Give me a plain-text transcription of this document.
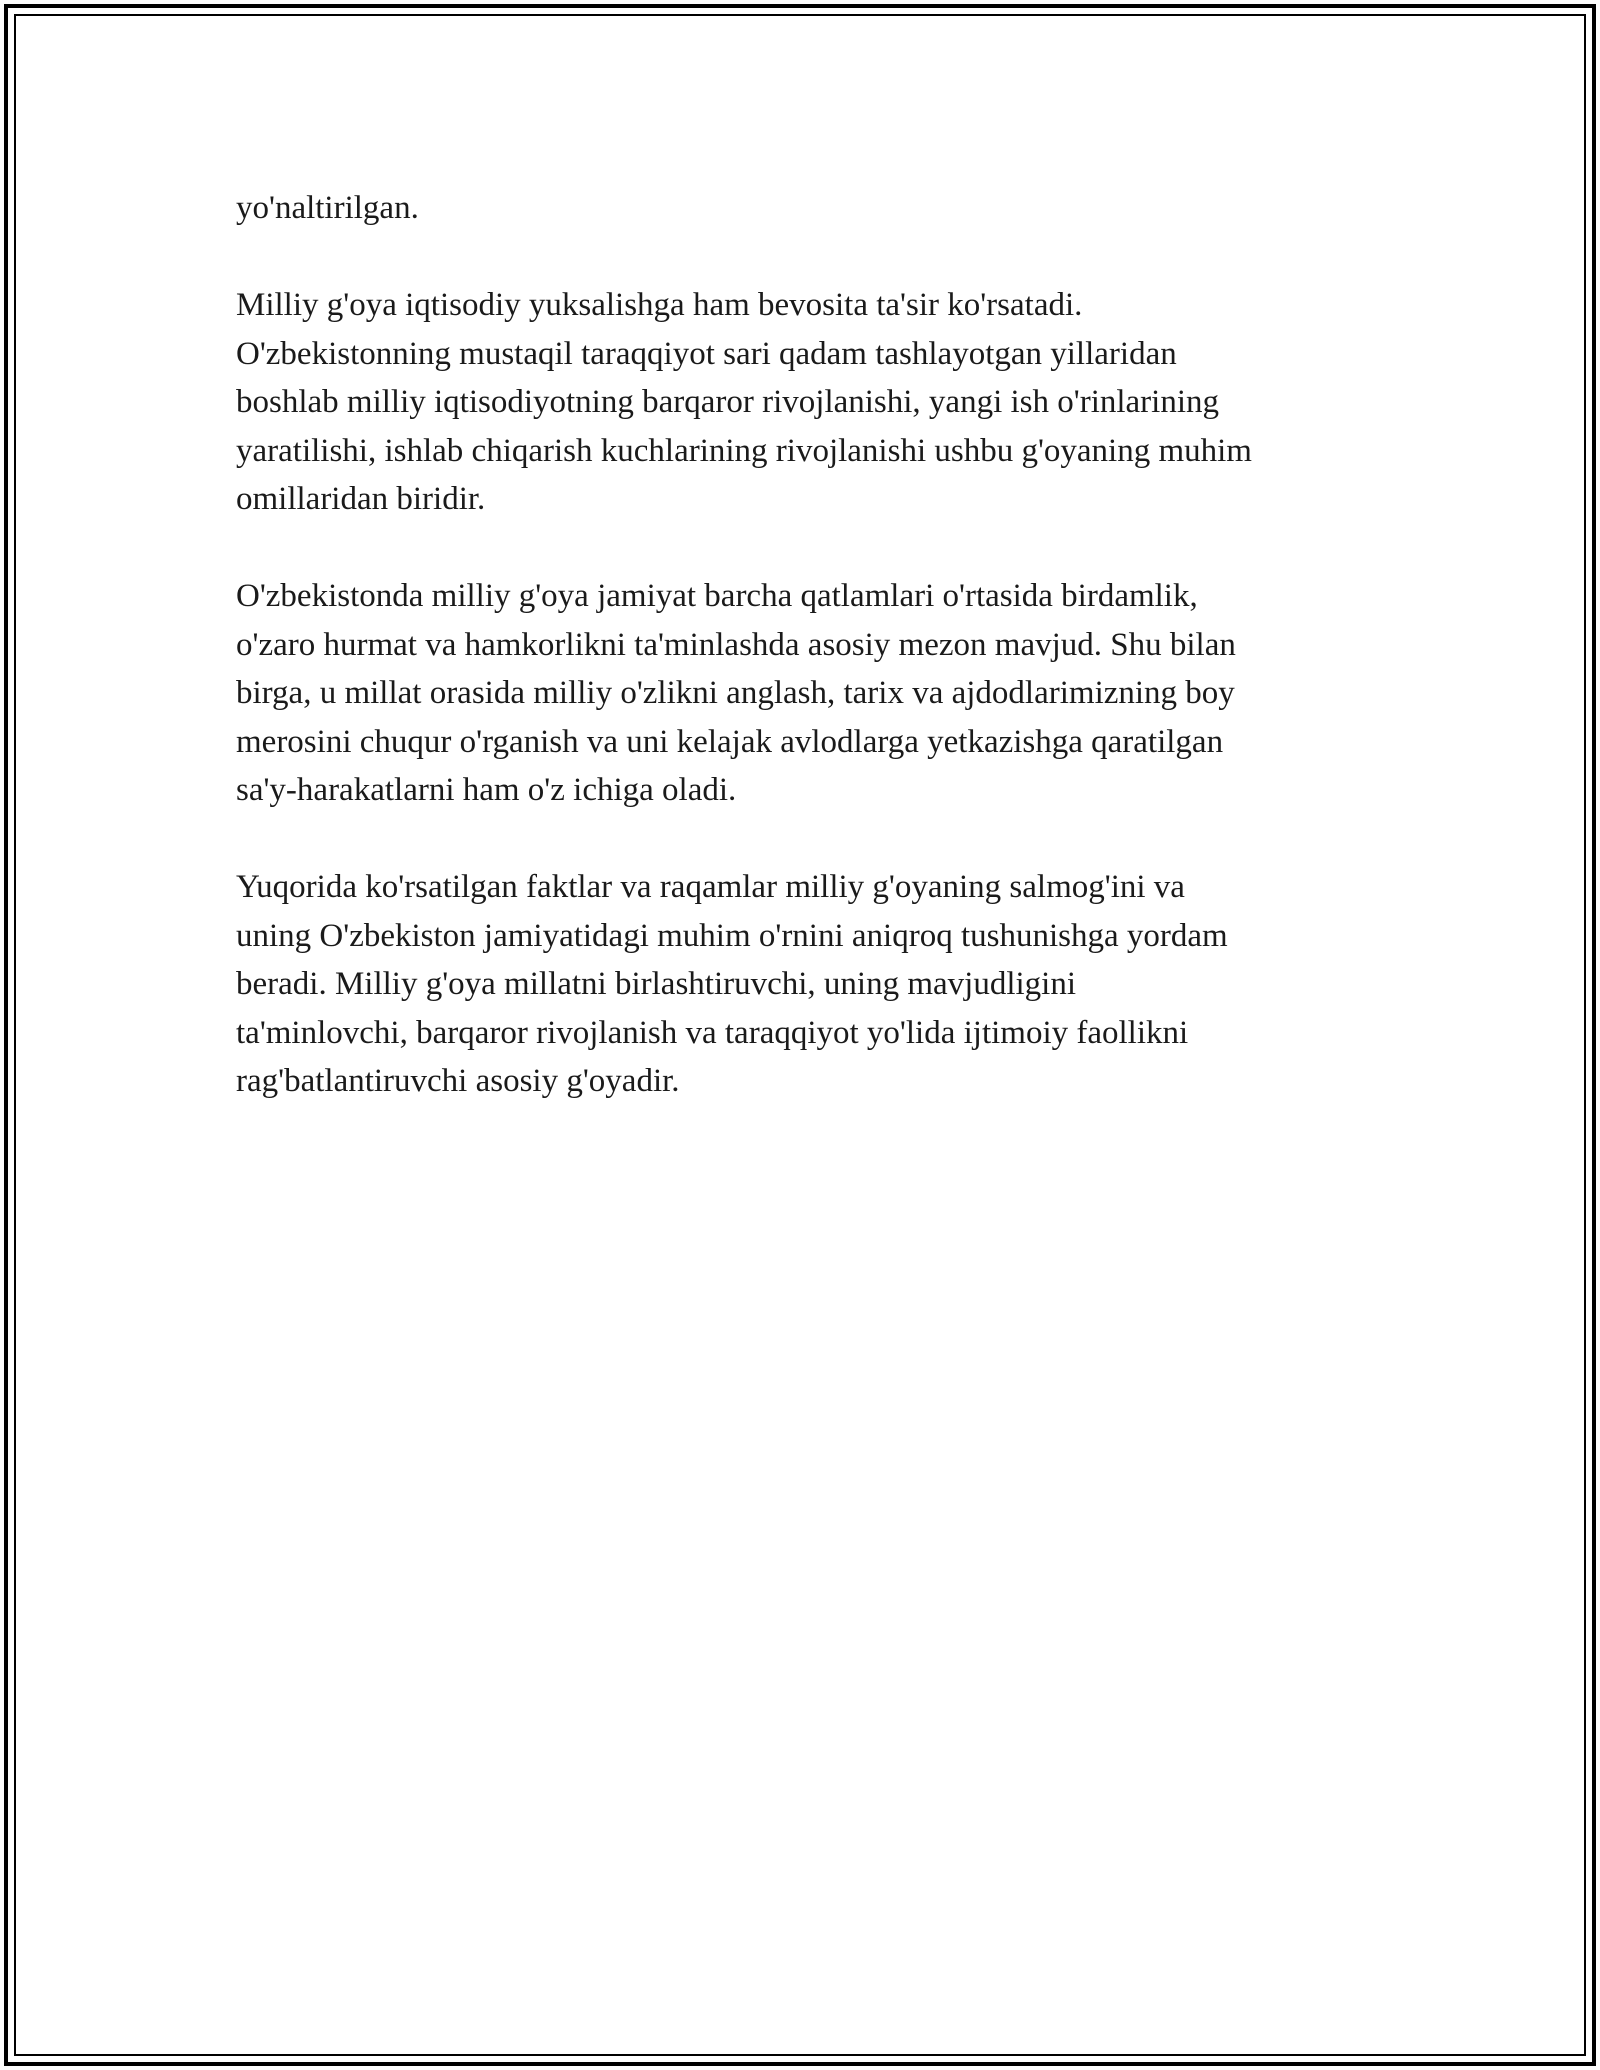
yo'naltirilgan.

Milliy g'oya iqtisodiy yuksalishga ham bevosita ta'sir ko'rsatadi.
O'zbekistonning mustaqil taraqqiyot sari qadam tashlayotgan yillaridan
boshlab milliy iqtisodiyotning barqaror rivojlanishi, yangi ish o'rinlarining
yaratilishi, ishlab chiqarish kuchlarining rivojlanishi ushbu g'oyaning muhim
omillaridan biridir.

O'zbekistonda milliy g'oya jamiyat barcha qatlamlari o'rtasida birdamlik,
o'zaro hurmat va hamkorlikni ta'minlashda asosiy mezon mavjud. Shu bilan
birga, u millat orasida milliy o'zlikni anglash, tarix va ajdodlarimizning boy
merosini chuqur o'rganish va uni kelajak avlodlarga yetkazishga qaratilgan
sa'y-harakatlarni ham o'z ichiga oladi.

Yuqorida ko'rsatilgan faktlar va raqamlar milliy g'oyaning salmog'ini va
uning O'zbekiston jamiyatidagi muhim o'rnini aniqroq tushunishga yordam
beradi. Milliy g'oya millatni birlashtiruvchi, uning mavjudligini
ta'minlovchi, barqaror rivojlanish va taraqqiyot yo'lida ijtimoiy faollikni
rag'batlantiruvchi asosiy g'oyadir.
